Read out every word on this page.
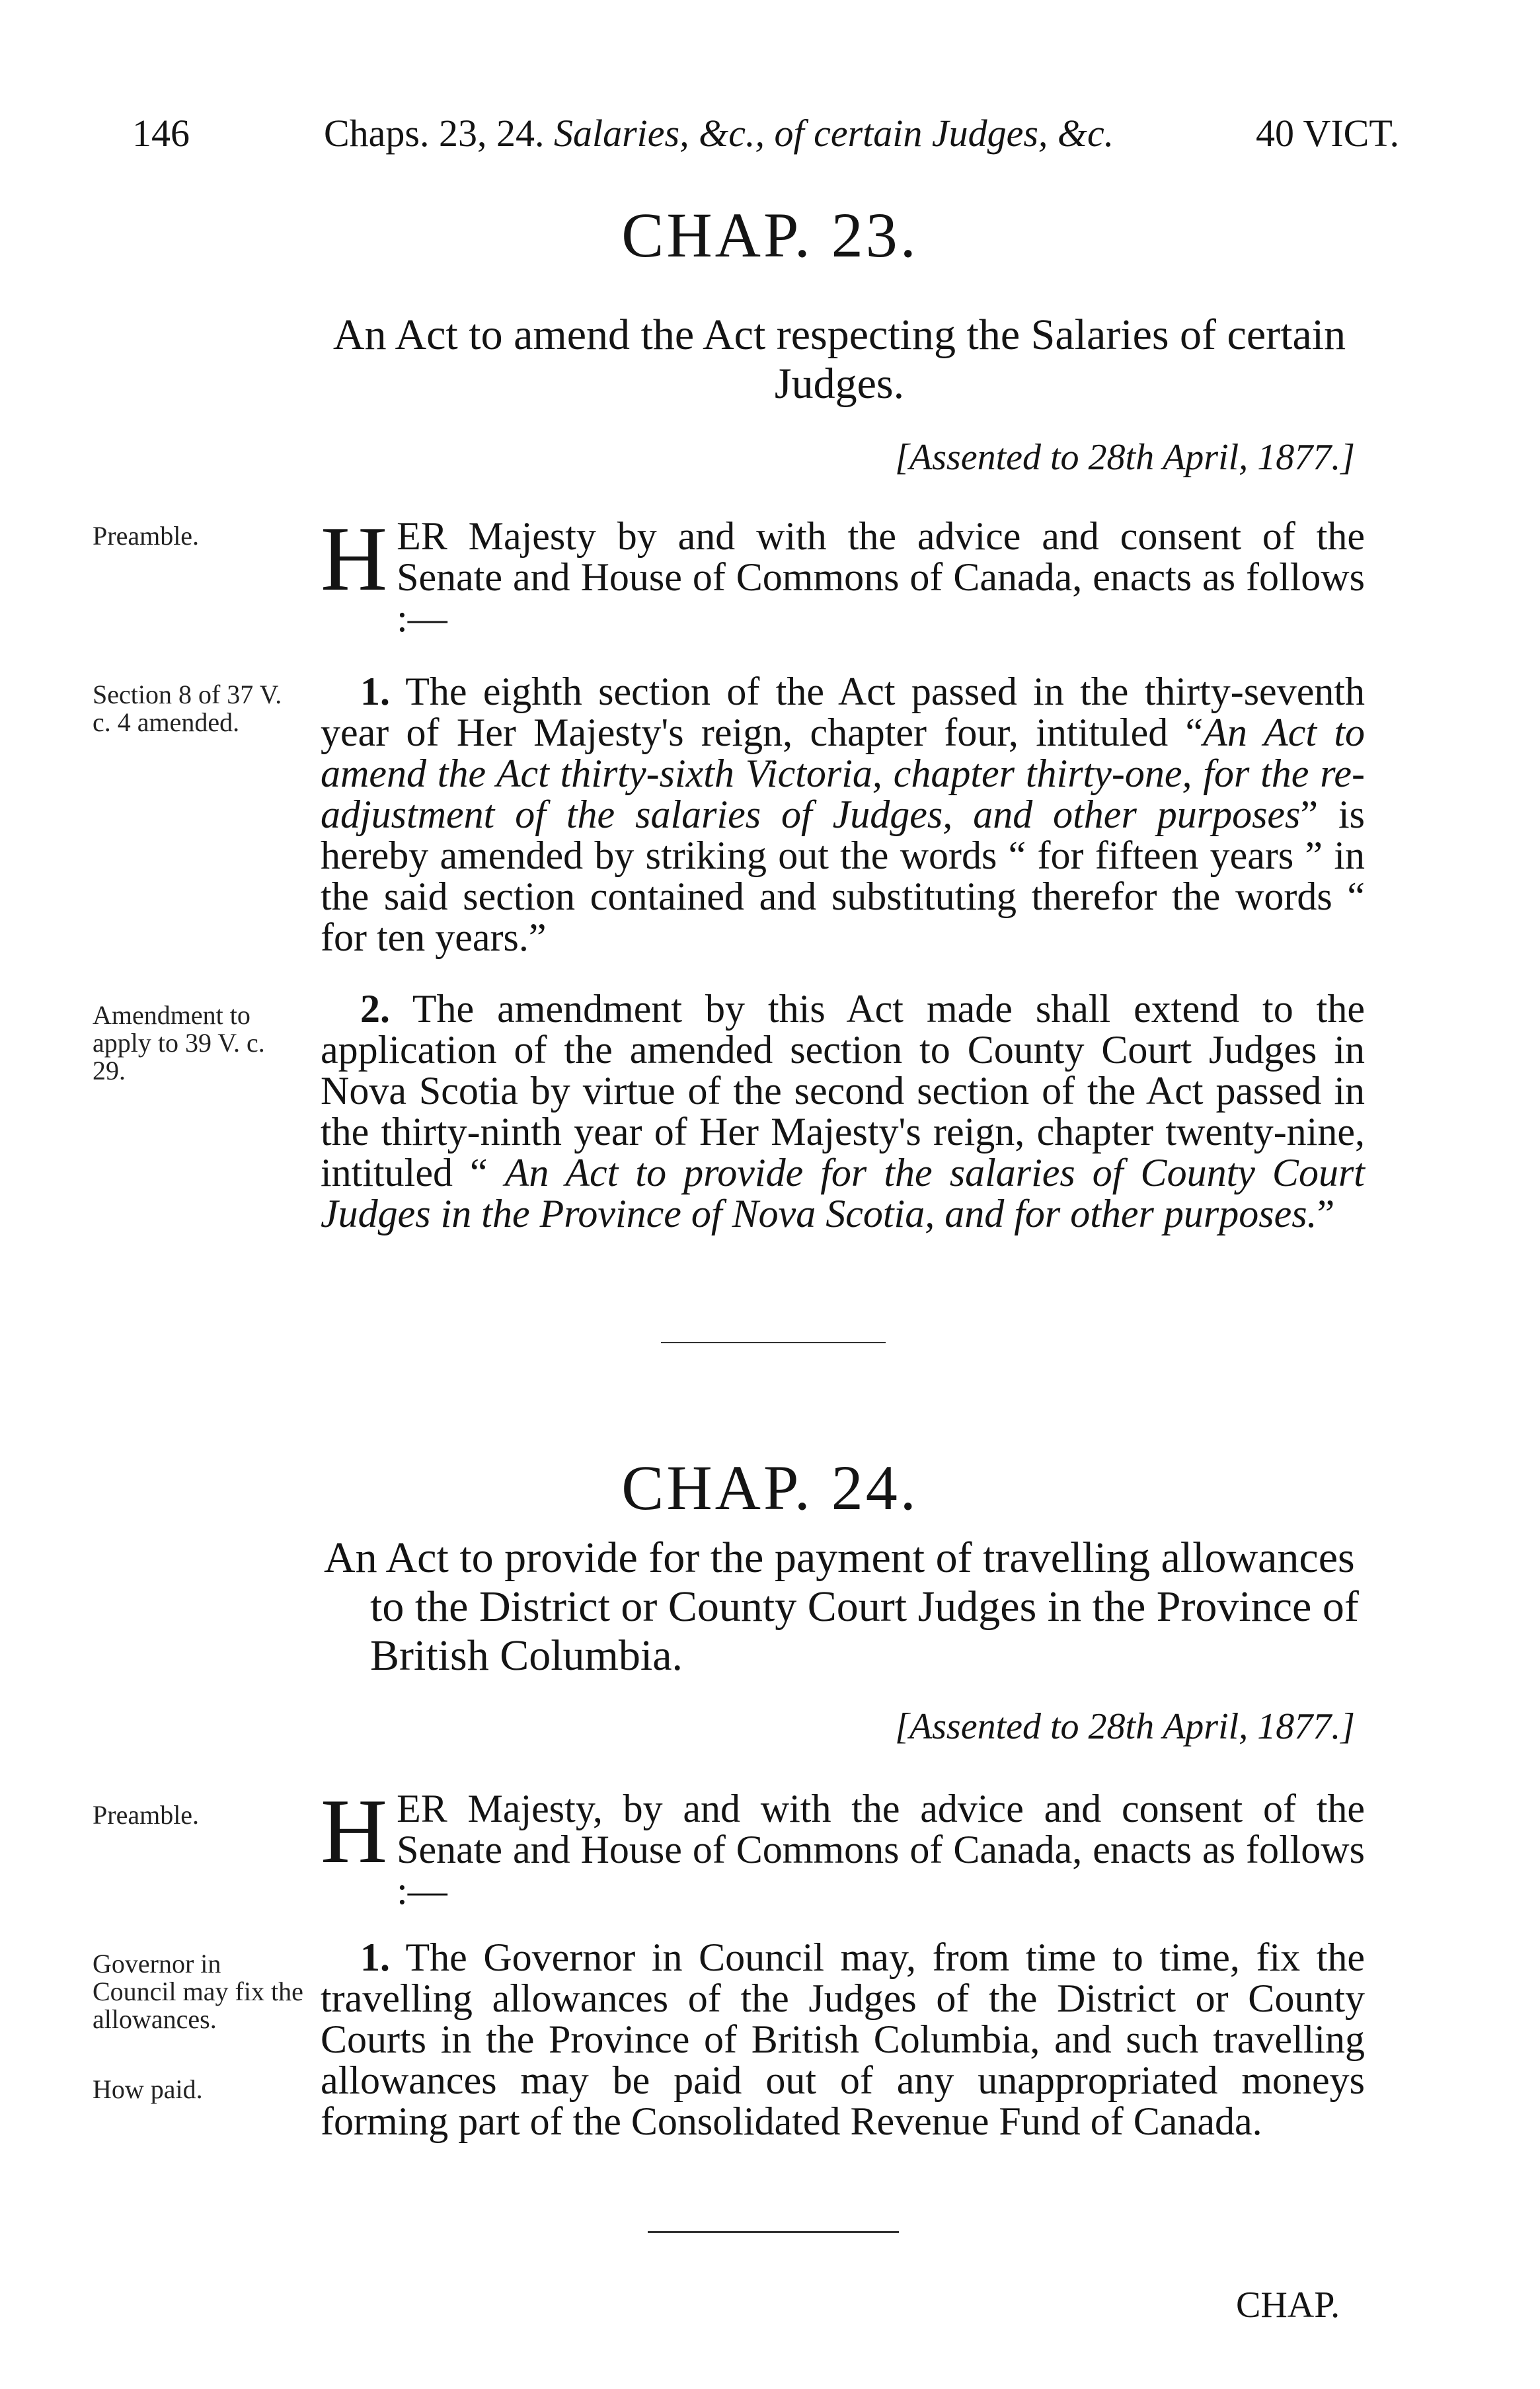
146	Chaps. 23, 24. Salaries, &c., of certain Judges, &c.	40 VICT.
CHAP. 23.
An Act to amend the Act respecting the Salaries of certain Judges.
[Assented to 28th April, 1877.]
Preamble.	H ER Majesty by and with the advice and consent of the Senate and House of Commons of Canada, enacts as follows :—
Section 8 of 37 V. c. 4 amended.
1. The eighth section of the Act passed in the thirty-seventh year of Her Majesty's reign, chapter four, intituled “An Act to amend the Act thirty-sixth Victoria, chapter thirty-one, for the re-adjustment of the salaries of Judges, and other purposes” is hereby amended by striking out the words “ for fifteen years ” in the said section contained and substituting therefor the words “ for ten years.”
Amendment to apply to 39 V. c. 29.
2. The amendment by this Act made shall extend to the application of the amended section to County Court Judges in Nova Scotia by virtue of the second section of the Act passed in the thirty-ninth year of Her Majesty's reign, chapter twenty-nine, intituled “ An Act to provide for the salaries of County Court Judges in the Province of Nova Scotia, and for other purposes.”
CHAP. 24.
An Act to provide for the payment of travelling allowances to the District or County Court Judges in the Province of British Columbia.
[Assented to 28th April, 1877.]
Preamble.	H ER Majesty, by and with the advice and consent of the Senate and House of Commons of Canada, enacts as follows :—
Governor in Council may fix the allowances.
How paid.
1. The Governor in Council may, from time to time, fix the travelling allowances of the Judges of the District or County Courts in the Province of British Columbia, and such travelling allowances may be paid out of any unappropriated moneys forming part of the Consolidated Revenue Fund of Canada.
CHAP.
